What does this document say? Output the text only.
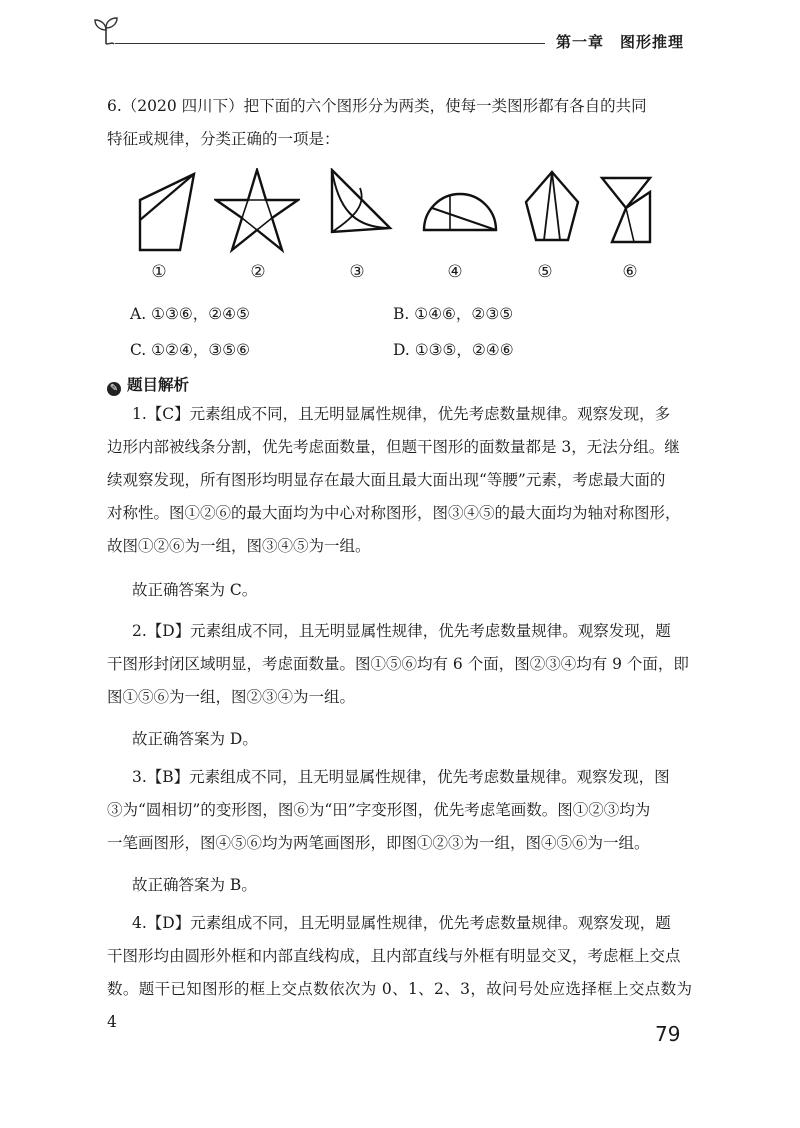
第一章　图形推理
6.（2020 四川下）把下面的六个图形分为两类，使每一类图形都有各自的共同
特征或规律，分类正确的一项是：
①	②	③	④	⑤	⑥
A. ①③⑥，②④⑤	B. ①④⑥，②③⑤
C. ①②④，③⑤⑥	D. ①③⑤，②④⑥
✎ 题目解析
1.【C】元素组成不同，且无明显属性规律，优先考虑数量规律。观察发现，多
边形内部被线条分割，优先考虑面数量，但题干图形的面数量都是 3，无法分组。继
续观察发现，所有图形均明显存在最大面且最大面出现“等腰”元素，考虑最大面的
对称性。图①②⑥的最大面均为中心对称图形，图③④⑤的最大面均为轴对称图形，
故图①②⑥为一组，图③④⑤为一组。
故正确答案为 C。
2.【D】元素组成不同，且无明显属性规律，优先考虑数量规律。观察发现，题
干图形封闭区域明显，考虑面数量。图①⑤⑥均有 6 个面，图②③④均有 9 个面，即
图①⑤⑥为一组，图②③④为一组。
故正确答案为 D。
3.【B】元素组成不同，且无明显属性规律，优先考虑数量规律。观察发现，图
③为“圆相切”的变形图，图⑥为“田”字变形图，优先考虑笔画数。图①②③均为
一笔画图形，图④⑤⑥均为两笔画图形，即图①②③为一组，图④⑤⑥为一组。
故正确答案为 B。
4.【D】元素组成不同，且无明显属性规律，优先考虑数量规律。观察发现，题
干图形均由圆形外框和内部直线构成，且内部直线与外框有明显交叉，考虑框上交点
数。题干已知图形的框上交点数依次为 0、1、2、3，故问号处应选择框上交点数为 4	79
